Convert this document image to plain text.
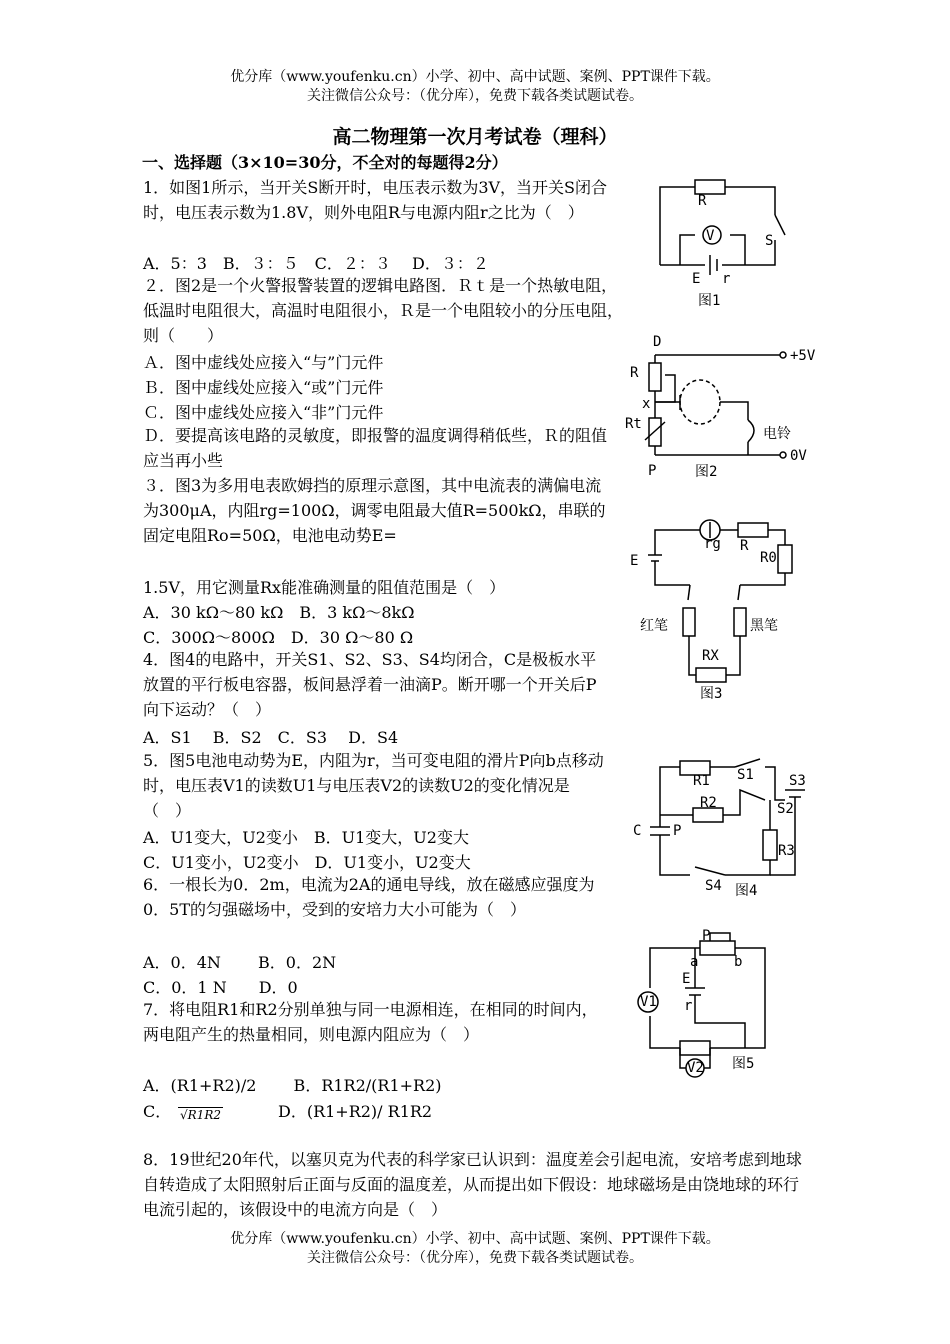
优分库（www.youfenku.cn）小学、初中、高中试题、案例、PPT课件下载。
关注微信公众号：（优分库），免费下载各类试题试卷。
高二物理第一次月考试卷（理科）
一、选择题（3×10=30分，不全对的每题得2分）
1．如图1所示，当开关S断开时，电压表示数为3V，当开关S闭合时，电压表示数为1.8V，则外电阻R与电源内阻r之比为（　）
A．5：3　B．３：５　C．２：３　 D．３：２
２．图2是一个火警报警装置的逻辑电路图．Ｒｔ是一个热敏电阻，低温时电阻很大，高温时电阻很小，Ｒ是一个电阻较小的分压电阻，则（　　）
Ａ．图中虚线处应接入“与”门元件
Ｂ．图中虚线处应接入“或”门元件
Ｃ．图中虚线处应接入“非”门元件
Ｄ．要提高该电路的灵敏度，即报警的温度调得稍低些，Ｒ的阻值应当再小些
３．图3为多用电表欧姆挡的原理示意图，其中电流表的满偏电流为300μA，内阻rg=100Ω，调零电阻最大值R=500kΩ，串联的固定电阻Ro=50Ω，电池电动势E=
1.5V，用它测量Rx能准确测量的阻值范围是（　）
A．30 kΩ～80 kΩ　B．3 kΩ～8kΩ
C．300Ω～800Ω　D．30 Ω～80 Ω
4．图4的电路中，开关S1、S2、S3、S4均闭合，C是极板水平放置的平行板电容器，板间悬浮着一油滴P。断开哪一个开关后P向下运动？（　）
A．S1　 B．S2　C．S3　 D．S4
5．图5电池电动势为E，内阻为r，当可变电阻的滑片P向b点移动时，电压表V1的读数U1与电压表V2的读数U2的变化情况是（　）
A．U1变大，U2变小　B．U1变大，U2变大
C．U1变小，U2变小　D．U1变小，U2变大
6．一根长为0．2m，电流为2A的通电导线，放在磁感应强度为0．5T的匀强磁场中，受到的安培力大小可能为（　）
A．0．4N　　 B．0．2N
C．0．1 N　　D．0
7．将电阻R1和R2分别单独与同一电源相连，在相同的时间内，两电阻产生的热量相同，则电源内阻应为（　）
A．(R1+R2)/2　　 B．R1R2/(R1+R2)
C． √R1R2	D．(R1+R2)/ R1R2
8．19世纪20年代，以塞贝克为代表的科学家已认识到：温度差会引起电流，安培考虑到地球自转造成了太阳照射后正面与反面的温度差，从而提出如下假设：地球磁场是由饶地球的环行电流引起的，该假设中的电流方向是（　）
优分库（www.youfenku.cn）小学、初中、高中试题、案例、PPT课件下载。
关注微信公众号：（优分库），免费下载各类试题试卷。
V
R
S
E r
图1
D
R
x
Rt
P
+5V
0V
电铃
图2
rg R
R0
E
红笔	黑笔
RX
图3
R1
R2
R3
S1
S2
S3
S4
C P
图4
P
a	b
E
r
V1
V2 图5
